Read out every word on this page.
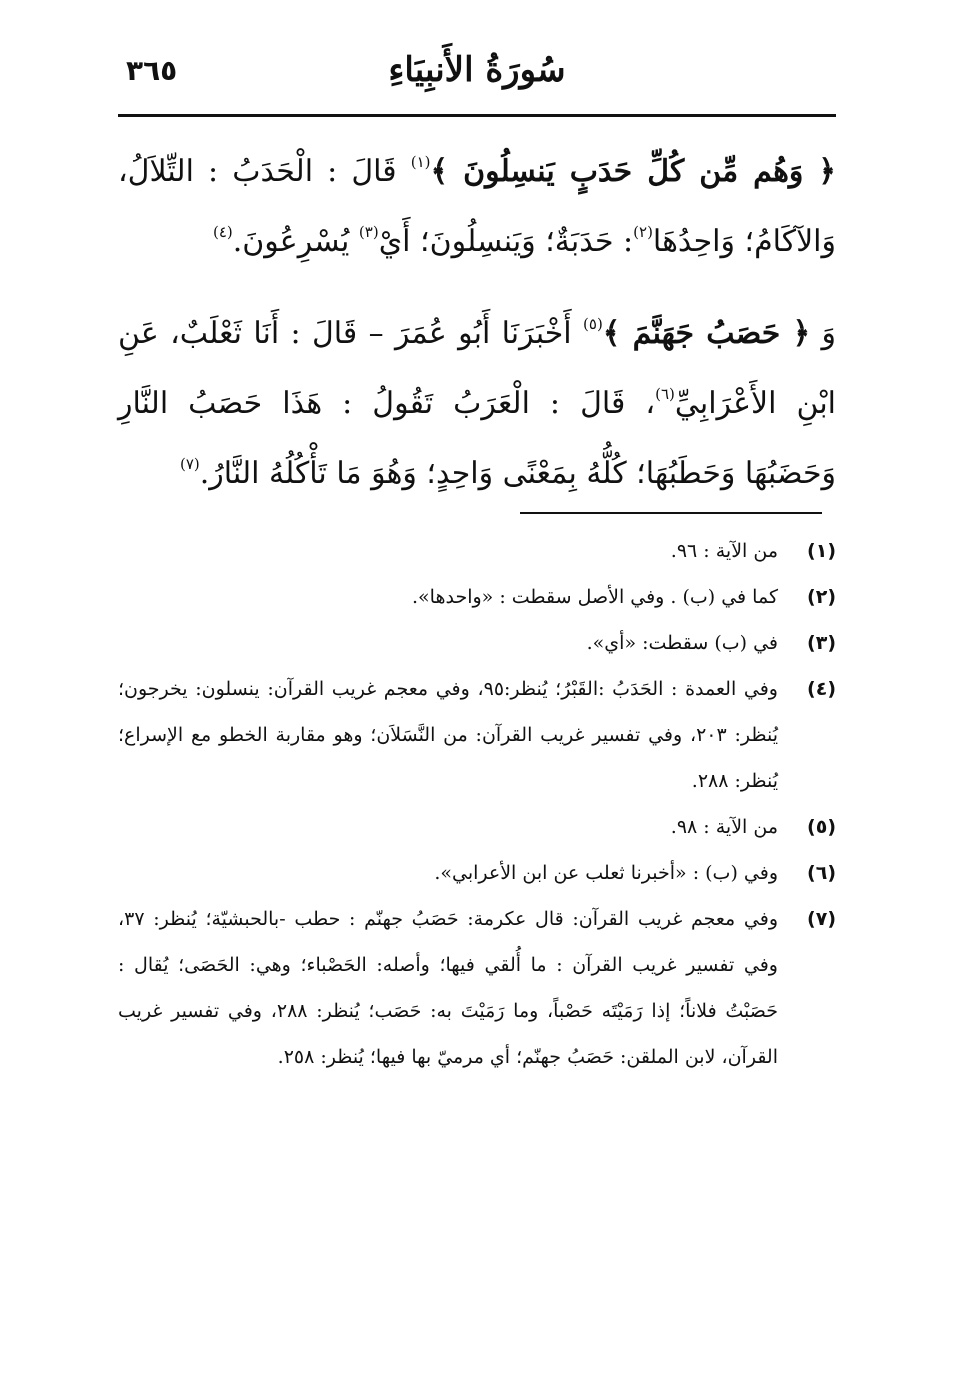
٣٦٥	سُورَةُ الأَنبِيَاءِ

﴿ وَهُم مِّن كُلِّ حَدَبٍ يَنسِلُونَ ﴾$^{(١)}$ قَالَ : الْحَدَبُ : التِّلاَلُ، وَالآكَامُ؛ وَاحِدُهَا$^{(٢)}$: حَدَبَةٌ؛ وَيَنسِلُونَ؛ أَيْ$^{(٣)}$ يُسْرِعُونَ.$^{(٤)}$

وَ ﴿ حَصَبُ جَهَنَّمَ ﴾$^{(٥)}$ أَخْبَرَنَا أَبُو عُمَرَ – قَالَ : أَنَا ثَعْلَبٌ، عَنِ ابْنِ الأَعْرَابِيِّ$^{(٦)}$، قَالَ : الْعَرَبُ تَقُولُ : هَذَا حَصَبُ النَّارِ وَحَضَبُهَا وَحَطَبُهَا؛ كُلُّهُ بِمَعْنًى وَاحِدٍ؛ وَهُوَ مَا تَأْكُلُهُ النَّارُ.$^{(٧)}$

(١)
من الآية : ٩٦.
(٢)
كما في (ب) . وفي الأصل سقطت : «واحدها».
(٣)
في (ب) سقطت: «أي».
(٤)
وفي العمدة : الحَدَبُ :القَبْرُ؛ يُنظر:٩٥، وفي معجم غريب القرآن: ينسلون: يخرجون؛ يُنظر: ٢٠٣، وفي تفسير غريب القرآن: من النَّسَلاَن؛ وهو مقاربة الخطو مع الإسراع؛ يُنظر: ٢٨٨.
(٥)
من الآية : ٩٨.
(٦)
وفي (ب) : «أخبرنا ثعلب عن ابن الأعرابي».
(٧)
وفي معجم غريب القرآن: قال عكرمة: حَصَبُ جهنّم : حطب -بالحبشيّة؛ يُنظر: ٣٧، وفي تفسير غريب القرآن : ما أُلقي فيها؛ وأصله: الحَصْباء؛ وهي: الحَصَى؛ يُقال : حَصَبْتُ فلاناً؛ إذا رَمَيْتَه حَصْباً، وما رَمَيْتَ به: حَصَب؛ يُنظر: ٢٨٨، وفي تفسير غريب القرآن، لابن الملقن: حَصَبُ جهنّم؛ أي مرميّ بها فيها؛ يُنظر: ٢٥٨.
